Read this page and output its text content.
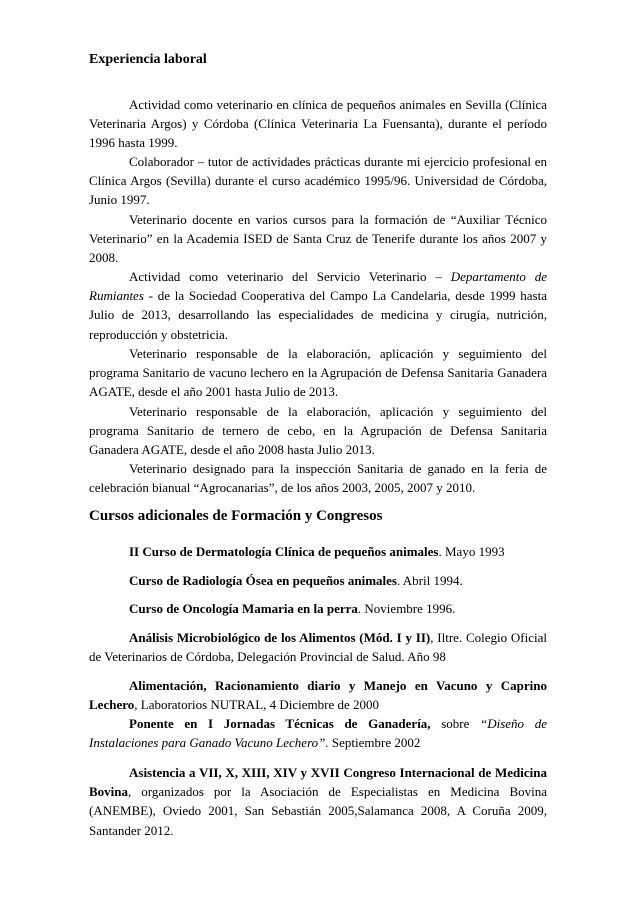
Experiencia laboral

Actividad como veterinario en clínica de pequeños animales en Sevilla (Clínica Veterinaria Argos) y Córdoba (Clínica Veterinaria La Fuensanta), durante el período 1996 hasta 1999.

Colaborador – tutor de actividades prácticas durante mi ejercicio profesional en Clínica Argos (Sevilla) durante el curso académico 1995/96. Universidad de Córdoba, Junio 1997.

Veterinario docente en varios cursos para la formación de “Auxiliar Técnico Veterinario” en la Academia ISED de Santa Cruz de Tenerife durante los años 2007 y 2008.

Actividad como veterinario del Servicio Veterinario – Departamento de Rumiantes - de la Sociedad Cooperativa del Campo La Candelaria, desde 1999 hasta Julio de 2013, desarrollando las especialidades de medicina y cirugía, nutrición, reproducción y obstetricia.

Veterinario responsable de la elaboración, aplicación y seguimiento del programa Sanitario de vacuno lechero en la Agrupación de Defensa Sanitaria Ganadera AGATE, desde el año 2001 hasta Julio de 2013.

Veterinario responsable de la elaboración, aplicación y seguimiento del programa Sanitario de ternero de cebo, en la Agrupación de Defensa Sanitaria Ganadera AGATE, desde el año 2008 hasta Julio 2013.

Veterinario designado para la inspección Sanitaria de ganado en la feria de celebración bianual “Agrocanarias”, de los años 2003, 2005, 2007 y 2010.

Cursos adicionales de Formación y Congresos

II Curso de Dermatología Clínica de pequeños animales. Mayo 1993

Curso de Radiología Ósea en pequeños animales. Abril 1994.

Curso de Oncología Mamaria en la perra. Noviembre 1996.

Análisis Microbiológico de los Alimentos (Mód. I y II), Iltre. Colegio Oficial de Veterinarios de Córdoba, Delegación Provincial de Salud. Año 98

Alimentación, Racionamiento diario y Manejo en Vacuno y Caprino Lechero, Laboratorios NUTRAL, 4 Diciembre de 2000

Ponente en I Jornadas Técnicas de Ganadería, sobre “Diseño de Instalaciones para Ganado Vacuno Lechero”. Septiembre 2002

Asistencia a VII, X, XIII, XIV y XVII Congreso Internacional de Medicina Bovina, organizados por la Asociación de Especialistas en Medicina Bovina (ANEMBE), Oviedo 2001, San Sebastián 2005,Salamanca 2008, A Coruña 2009, Santander 2012.
